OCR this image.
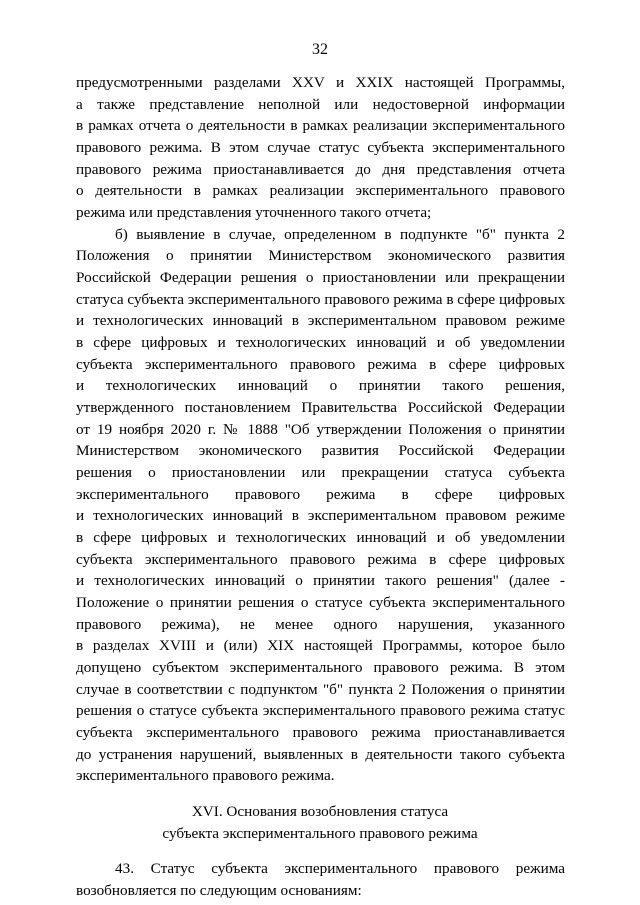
32
предусмотренными разделами XXV и XXIX настоящей Программы,
а также представление неполной или недостоверной информации
в рамках отчета о деятельности в рамках реализации экспериментального
правового режима. В этом случае статус субъекта экспериментального
правового режима приостанавливается до дня представления отчета
о деятельности в рамках реализации экспериментального правового
режима или представления уточненного такого отчета;
б) выявление в случае, определенном в подпункте "б" пункта 2
Положения о принятии Министерством экономического развития
Российской Федерации решения о приостановлении или прекращении
статуса субъекта экспериментального правового режима в сфере цифровых
и технологических инноваций в экспериментальном правовом режиме
в сфере цифровых и технологических инноваций и об уведомлении
субъекта экспериментального правового режима в сфере цифровых
и технологических инноваций о принятии такого решения,
утвержденного постановлением Правительства Российской Федерации
от 19 ноября 2020 г. № 1888 "Об утверждении Положения о принятии
Министерством экономического развития Российской Федерации
решения о приостановлении или прекращении статуса субъекта
экспериментального правового режима в сфере цифровых
и технологических инноваций в экспериментальном правовом режиме
в сфере цифровых и технологических инноваций и об уведомлении
субъекта экспериментального правового режима в сфере цифровых
и технологических инноваций о принятии такого решения" (далее -
Положение о принятии решения о статусе субъекта экспериментального
правового режима), не менее одного нарушения, указанного
в разделах XVIII и (или) XIX настоящей Программы, которое было
допущено субъектом экспериментального правового режима. В этом
случае в соответствии с подпунктом "б" пункта 2 Положения о принятии
решения о статусе субъекта экспериментального правового режима статус
субъекта экспериментального правового режима приостанавливается
до устранения нарушений, выявленных в деятельности такого субъекта
экспериментального правового режима.
XVI. Основания возобновления статуса
субъекта экспериментального правового режима
43. Статус субъекта экспериментального правового режима
возобновляется по следующим основаниям:
